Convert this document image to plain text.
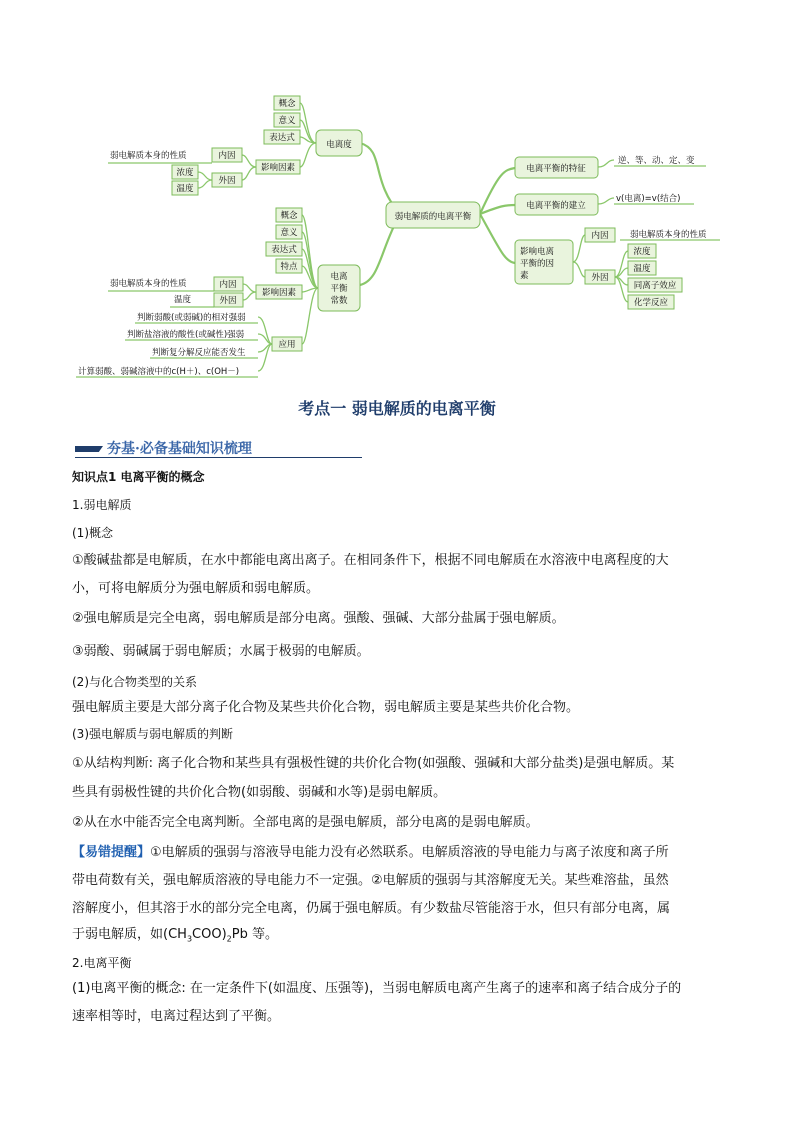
弱电解质的电离平衡
电离度
概念
意义
表达式
影响因素
内因
弱电解质本身的性质
外因
浓度
温度
电离
平衡
常数
概念
意义
表达式
特点
影响因素
内因
弱电解质本身的性质
外因
温度
应用
判断弱酸(或弱碱)的相对强弱
判断盐溶液的酸性(或碱性)强弱
判断复分解反应能否发生
计算弱酸、弱碱溶液中的c(H＋)、c(OH－)
电离平衡的特征
逆、等、动、定、变
电离平衡的建立
v(电离)=v(结合)
影响电离
平衡的因
素
内因	弱电解质本身的性质
外因
浓度
温度
同离子效应
化学反应
考点一 弱电解质的电离平衡
夯基·必备基础知识梳理
知识点1 电离平衡的概念
1.弱电解质
(1)概念
①酸碱盐都是电解质，在水中都能电离出离子。在相同条件下，根据不同电解质在水溶液中电离程度的大
小，可将电解质分为强电解质和弱电解质。
②强电解质是完全电离，弱电解质是部分电离。强酸、强碱、大部分盐属于强电解质。
③弱酸、弱碱属于弱电解质；水属于极弱的电解质。
(2)与化合物类型的关系
强电解质主要是大部分离子化合物及某些共价化合物，弱电解质主要是某些共价化合物。
(3)强电解质与弱电解质的判断
①从结构判断: 离子化合物和某些具有强极性键的共价化合物(如强酸、强碱和大部分盐类)是强电解质。某
些具有弱极性键的共价化合物(如弱酸、弱碱和水等)是弱电解质。
②从在水中能否完全电离判断。全部电离的是强电解质，部分电离的是弱电解质。
【易错提醒】①电解质的强弱与溶液导电能力没有必然联系。电解质溶液的导电能力与离子浓度和离子所
带电荷数有关，强电解质溶液的导电能力不一定强。②电解质的强弱与其溶解度无关。某些难溶盐，虽然
溶解度小，但其溶于水的部分完全电离，仍属于强电解质。有少数盐尽管能溶于水，但只有部分电离，属
于弱电解质，如$(CH_3COO)_2Pb$ 等。
2.电离平衡
(1)电离平衡的概念: 在一定条件下(如温度、压强等)，当弱电解质电离产生离子的速率和离子结合成分子的
速率相等时，电离过程达到了平衡。
